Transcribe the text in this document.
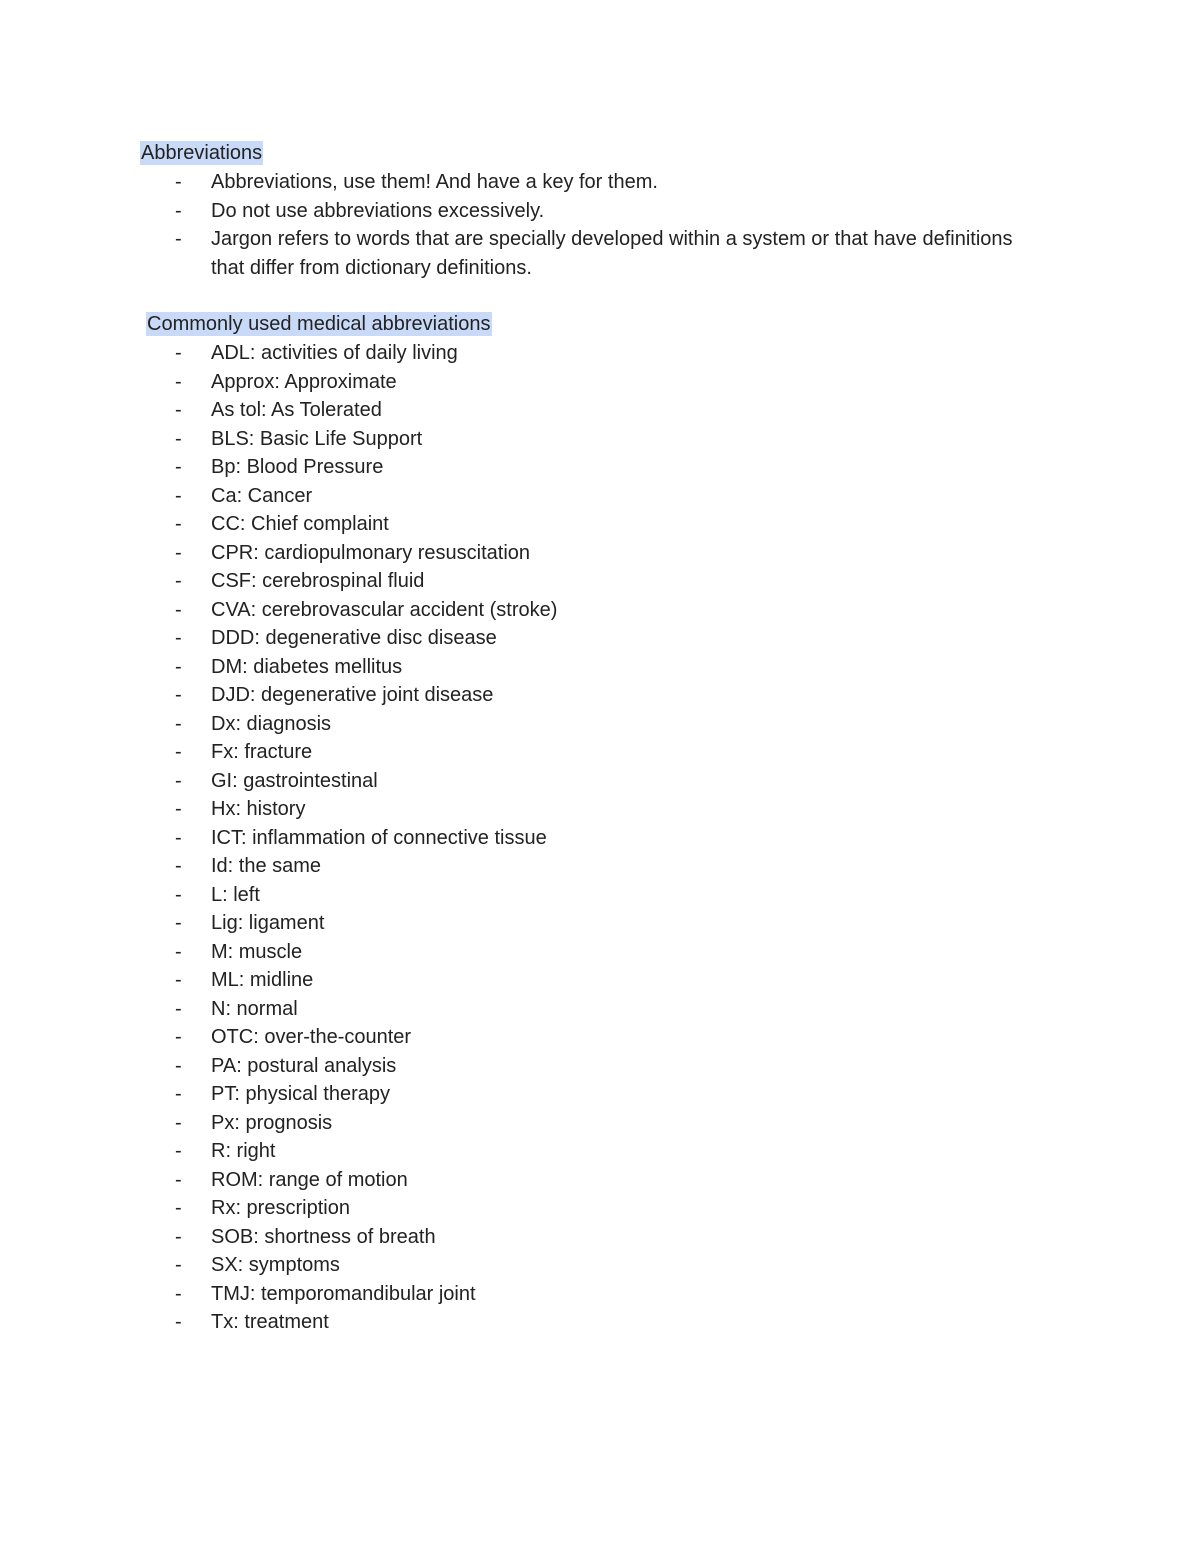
Abbreviations
- Abbreviations, use them! And have a key for them.
- Do not use abbreviations excessively.
- Jargon refers to words that are specially developed within a system or that have definitions that differ from dictionary definitions.
Commonly used medical abbreviations
- ADL: activities of daily living
- Approx: Approximate
- As tol: As Tolerated
- BLS: Basic Life Support
- Bp: Blood Pressure
- Ca: Cancer
- CC: Chief complaint
- CPR: cardiopulmonary resuscitation
- CSF: cerebrospinal fluid
- CVA: cerebrovascular accident (stroke)
- DDD: degenerative disc disease
- DM: diabetes mellitus
- DJD: degenerative joint disease
- Dx: diagnosis
- Fx: fracture
- GI: gastrointestinal
- Hx: history
- ICT: inflammation of connective tissue
- Id: the same
- L: left
- Lig: ligament
- M: muscle
- ML: midline
- N: normal
- OTC: over-the-counter
- PA: postural analysis
- PT: physical therapy
- Px: prognosis
- R: right
- ROM: range of motion
- Rx: prescription
- SOB: shortness of breath
- SX: symptoms
- TMJ: temporomandibular joint
- Tx: treatment
